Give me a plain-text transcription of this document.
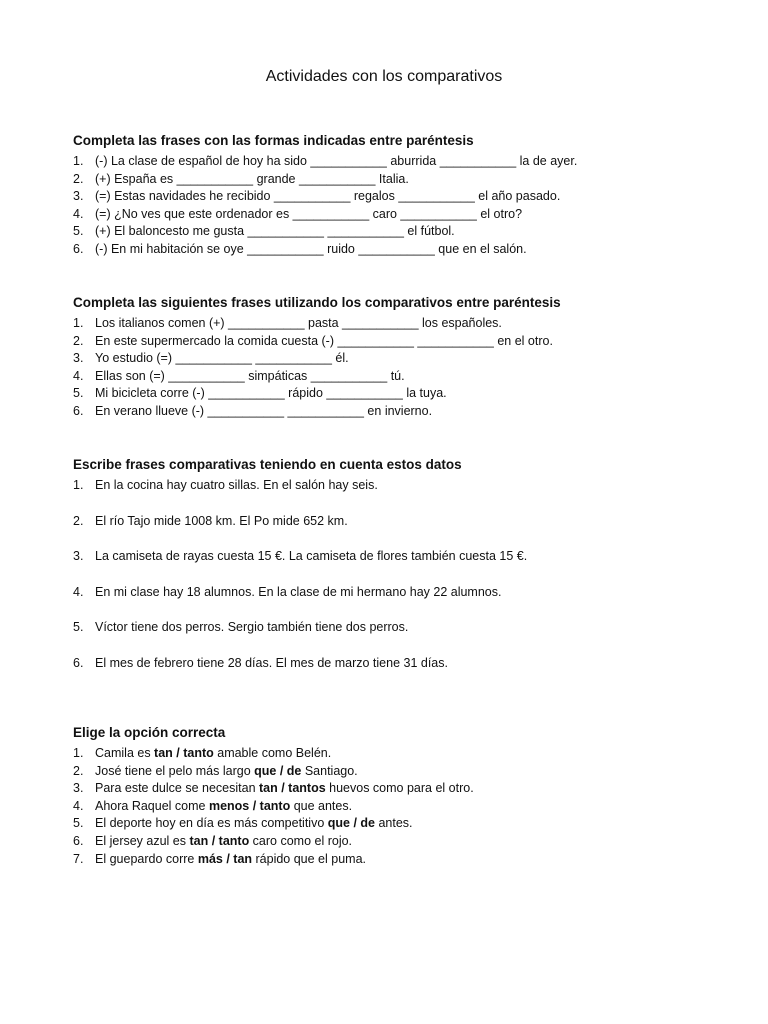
Actividades con los comparativos
Completa las frases con las formas indicadas entre paréntesis
1. (-) La clase de español de hoy ha sido ___________ aburrida ___________ la de ayer.
2. (+) España es ___________ grande ___________ Italia.
3. (=) Estas navidades he recibido ___________ regalos ___________ el año pasado.
4. (=) ¿No ves que este ordenador es ___________ caro ___________ el otro?
5. (+) El baloncesto me gusta ___________ ___________ el fútbol.
6. (-) En mi habitación se oye ___________ ruido ___________ que en el salón.
Completa las siguientes frases utilizando los comparativos entre paréntesis
1. Los italianos comen (+) ___________ pasta ___________ los españoles.
2. En este supermercado la comida cuesta (-) ___________ ___________ en el otro.
3. Yo estudio (=) ___________ ___________ él.
4. Ellas son (=) ___________ simpáticas ___________ tú.
5. Mi bicicleta corre (-) ___________ rápido ___________ la tuya.
6. En verano llueve (-) ___________ ___________ en invierno.
Escribe frases comparativas teniendo en cuenta estos datos
1. En la cocina hay cuatro sillas. En el salón hay seis.
2. El río Tajo mide 1008 km. El Po mide 652 km.
3. La camiseta de rayas cuesta 15 €. La camiseta de flores también cuesta 15 €.
4. En mi clase hay 18 alumnos. En la clase de mi hermano hay 22 alumnos.
5. Víctor tiene dos perros. Sergio también tiene dos perros.
6. El mes de febrero tiene 28 días. El mes de marzo tiene 31 días.
Elige la opción correcta
1. Camila es tan / tanto amable como Belén.
2. José tiene el pelo más largo que / de Santiago.
3. Para este dulce se necesitan tan / tantos huevos como para el otro.
4. Ahora Raquel come menos / tanto que antes.
5. El deporte hoy en día es más competitivo que / de antes.
6. El jersey azul es tan / tanto caro como el rojo.
7. El guepardo corre más / tan rápido que el puma.
